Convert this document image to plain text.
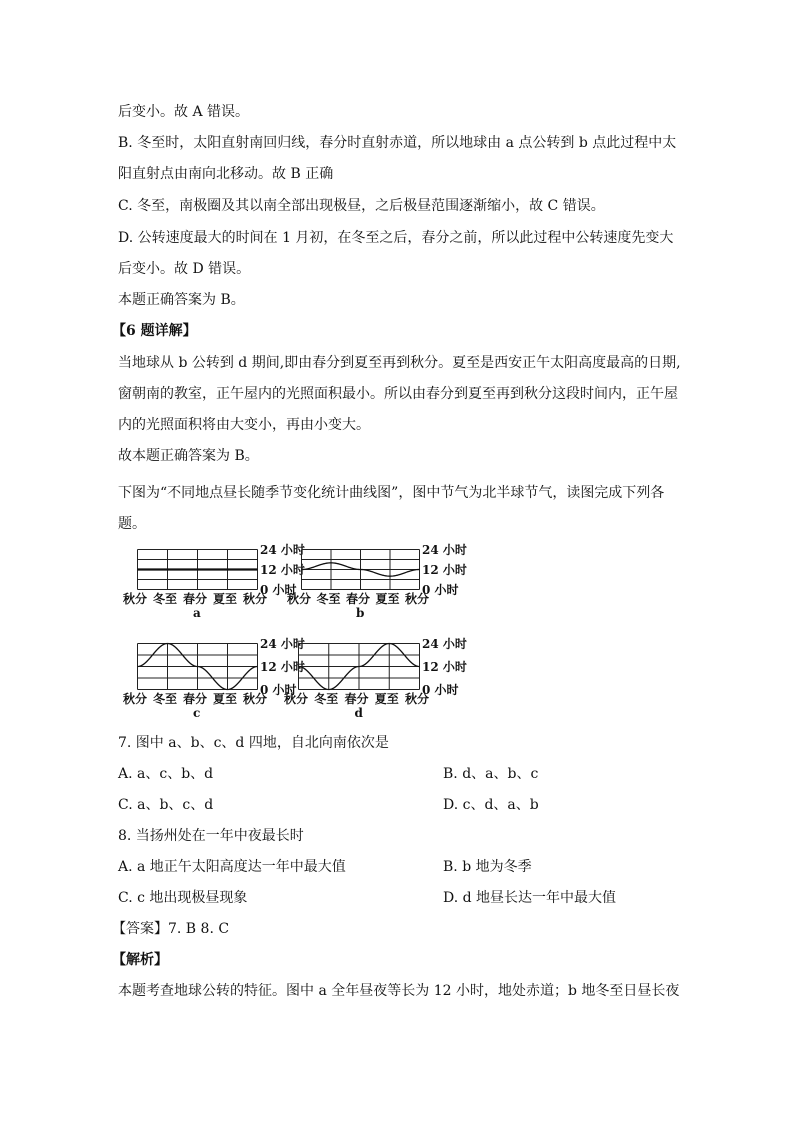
后变小。故 A 错误。
B. 冬至时，太阳直射南回归线，春分时直射赤道，所以地球由 a 点公转到 b 点此过程中太
阳直射点由南向北移动。故 B 正确
C. 冬至，南极圈及其以南全部出现极昼，之后极昼范围逐渐缩小，故 C 错误。
D. 公转速度最大的时间在 1 月初，在冬至之后，春分之前，所以此过程中公转速度先变大
后变小。故 D 错误。
本题正确答案为 B。
【6 题详解】
当地球从 b 公转到 d 期间,即由春分到夏至再到秋分。夏至是西安正午太阳高度最高的日期,
窗朝南的教室，正午屋内的光照面积最小。所以由春分到夏至再到秋分这段时间内，正午屋
内的光照面积将由大变小，再由小变大。
故本题正确答案为 B。
下图为“不同地点昼长随季节变化统计曲线图”，图中节气为北半球节气，读图完成下列各
题。
24 小时
12 小时
0 小时
秋分 冬至 春分 夏至 秋分
a
24 小时
12 小时
0 小时
秋分 冬至 春分 夏至 秋分
b
24 小时
12 小时
0 小时
秋分 冬至 春分 夏至 秋分
c
24 小时
12 小时
0 小时
秋分 冬至 春分 夏至 秋分
d
7. 图中 a、b、c、d 四地，自北向南依次是
A. a、c、b、d	B. d、a、b、c
C. a、b、c、d	D. c、d、a、b
8. 当扬州处在一年中夜最长时
A. a 地正午太阳高度达一年中最大值	B. b 地为冬季
C. c 地出现极昼现象	D. d 地昼长达一年中最大值
【答案】7. B 8. C
【解析】
本题考查地球公转的特征。图中 a 全年昼夜等长为 12 小时，地处赤道；b 地冬至日昼长夜
